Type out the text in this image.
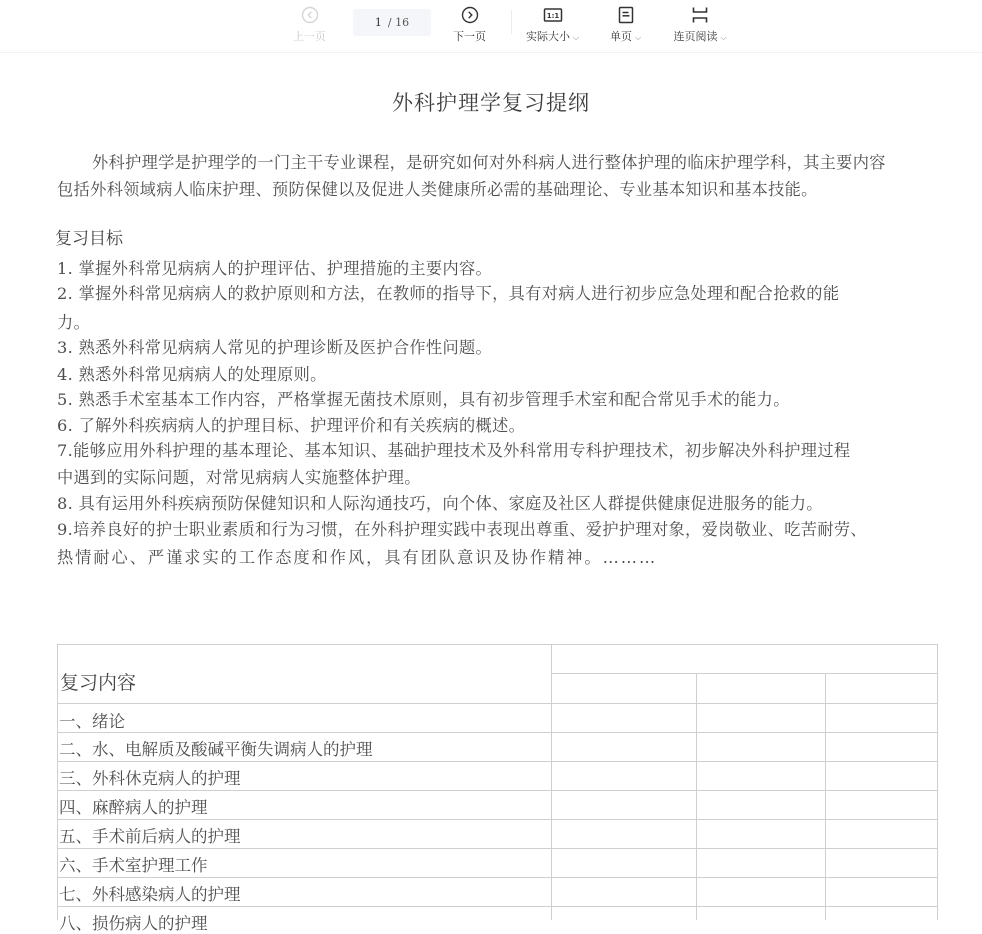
上一页
1 / 16
下一页
1:1
实际大小 ⌵	单页 ⌵	连页阅读 ⌵
外科护理学复习提纲
外科护理学是护理学的一门主干专业课程，是研究如何对外科病人进行整体护理的临床护理学科，其主要内容
包括外科领域病人临床护理、预防保健以及促进人类健康所必需的基础理论、专业基本知识和基本技能。
复习目标
1. 掌握外科常见病病人的护理评估、护理措施的主要内容。
2. 掌握外科常见病病人的救护原则和方法，在教师的指导下，具有对病人进行初步应急处理和配合抢救的能
力。
3. 熟悉外科常见病病人常见的护理诊断及医护合作性问题。
4. 熟悉外科常见病病人的处理原则。
5. 熟悉手术室基本工作内容，严格掌握无菌技术原则，具有初步管理手术室和配合常见手术的能力。
6. 了解外科疾病病人的护理目标、护理评价和有关疾病的概述。
7.能够应用外科护理的基本理论、基本知识、基础护理技术及外科常用专科护理技术，初步解决外科护理过程
中遇到的实际问题，对常见病病人实施整体护理。
8. 具有运用外科疾病预防保健知识和人际沟通技巧，向个体、家庭及社区人群提供健康促进服务的能力。
9.培养良好的护士职业素质和行为习惯，在外科护理实践中表现出尊重、爱护护理对象，爱岗敬业、吃苦耐劳、
热情耐心、严谨求实的工作态度和作风，具有团队意识及协作精神。………
复习内容
一、绪论
二、水、电解质及酸碱平衡失调病人的护理
三、外科休克病人的护理
四、麻醉病人的护理
五、手术前后病人的护理
六、手术室护理工作
七、外科感染病人的护理
八、损伤病人的护理
